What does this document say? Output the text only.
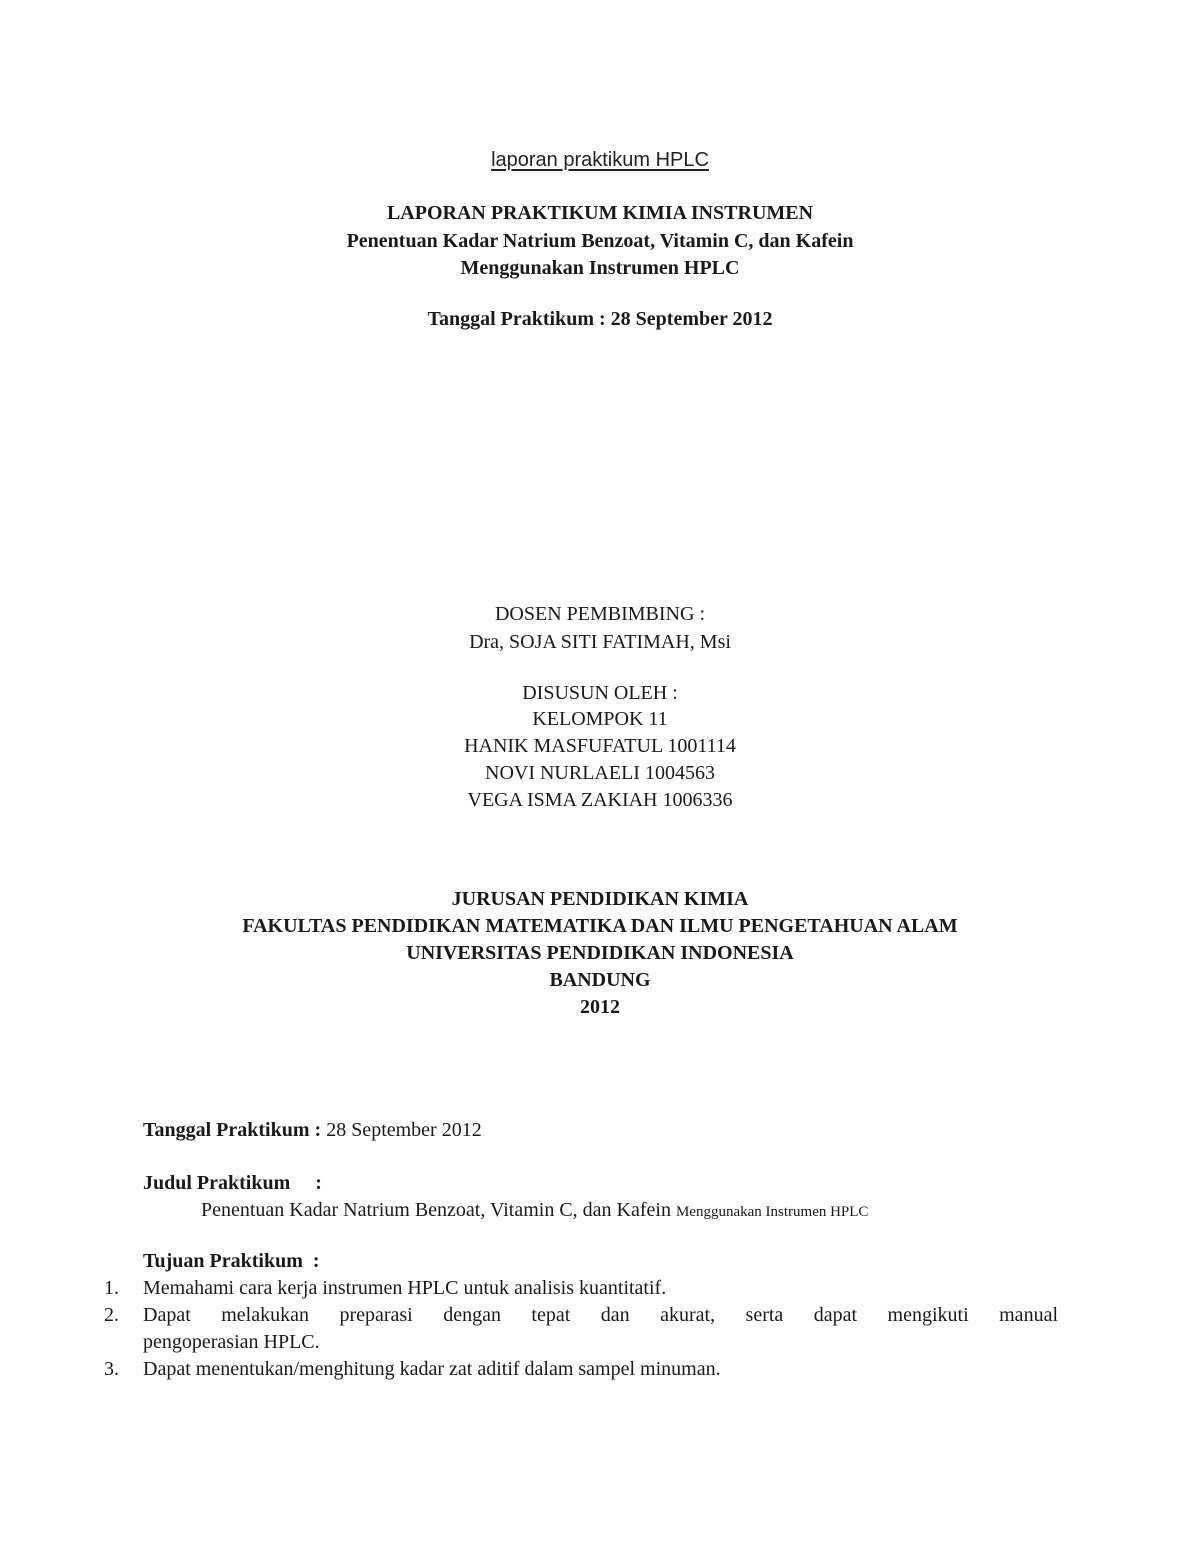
laporan praktikum HPLC
LAPORAN PRAKTIKUM KIMIA INSTRUMEN
Penentuan Kadar Natrium Benzoat, Vitamin C, dan Kafein
Menggunakan Instrumen HPLC
Tanggal Praktikum : 28 September 2012
DOSEN PEMBIMBING :
Dra, SOJA SITI FATIMAH, Msi
DISUSUN OLEH :
KELOMPOK 11
HANIK MASFUFATUL 1001114
NOVI NURLAELI 1004563
VEGA ISMA ZAKIAH 1006336
JURUSAN PENDIDIKAN KIMIA
FAKULTAS PENDIDIKAN MATEMATIKA DAN ILMU PENGETAHUAN ALAM
UNIVERSITAS PENDIDIKAN INDONESIA
BANDUNG
2012
Tanggal Praktikum : 28 September 2012
Judul Praktikum     :
Penentuan Kadar Natrium Benzoat, Vitamin C, dan Kafein Menggunakan Instrumen HPLC
Tujuan Praktikum  :
1. Memahami cara kerja instrumen HPLC untuk analisis kuantitatif.
2. Dapat melakukan preparasi dengan tepat dan akurat, serta dapat mengikuti manual
pengoperasian HPLC.
3. Dapat menentukan/menghitung kadar zat aditif dalam sampel minuman.
